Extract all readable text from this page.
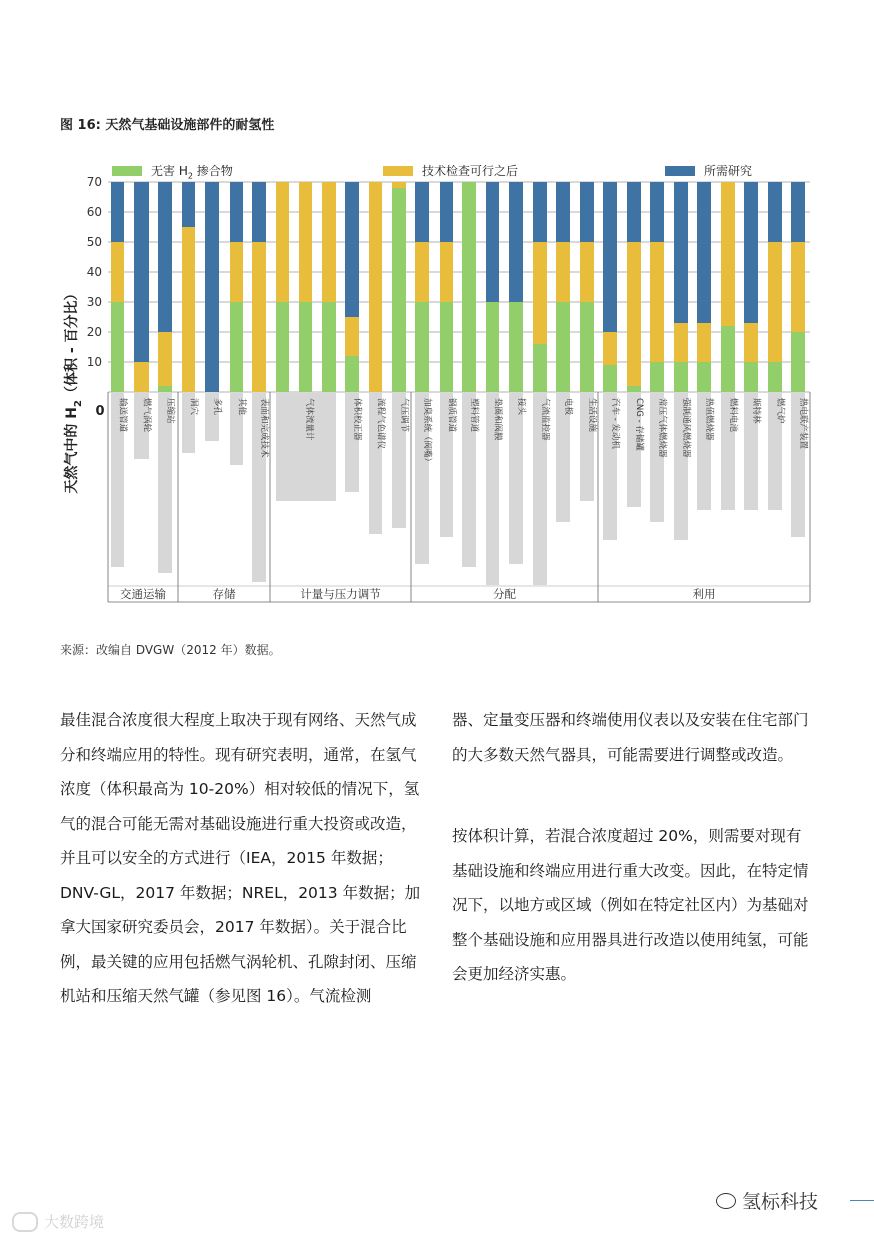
图 16: 天然气基础设施部件的耐氢性
无害 $H_2$ 掺合物	技术检查可行之后	所需研究
10
20
30
40
50
60
70
输送管道 燃气涡轮 压缩站 洞穴 多孔 其他 表面和完成技术	体积校正器 流程气色谱仪 气压调节 加臭系统（阀嘴） 钢质管道 塑料管道 垫圈和阀膜 接头 气流监控器 电极 生活设施 汽车 - 发动机 CNG - 存储罐 常压气体燃烧器 强制通风燃烧器 热值燃烧器 燃料电池 斯特林 燃气炉 热电联产装置
气体流量计
交通运输	存储	计量与压力调节	分配	利用
天然气中的 $H_2$（体积 - 百分比）
0
来源：改编自 DVGW（2012 年）数据。

最佳混合浓度很大程度上取决于现有网络、天然气成分和终端应用的特性。现有研究表明，通常，在氢气浓度（体积最高为 10-20%）相对较低的情况下，氢气的混合可能无需对基础设施进行重大投资或改造，并且可以安全的方式进行（IEA，2015 年数据；DNV-GL，2017 年数据；NREL，2013 年数据；加拿大国家研究委员会，2017 年数据）。关于混合比例，最关键的应用包括燃气涡轮机、孔隙封闭、压缩机站和压缩天然气罐（参见图 16）。气流检测

器、定量变压器和终端使用仪表以及安装在住宅部门的大多数天然气器具，可能需要进行调整或改造。

按体积计算，若混合浓度超过 20%，则需要对现有基础设施和终端应用进行重大改变。因此，在特定情况下，以地方或区域（例如在特定社区内）为基础对整个基础设施和应用器具进行改造以使用纯氢，可能会更加经济实惠。

氢标科技
大数跨境
